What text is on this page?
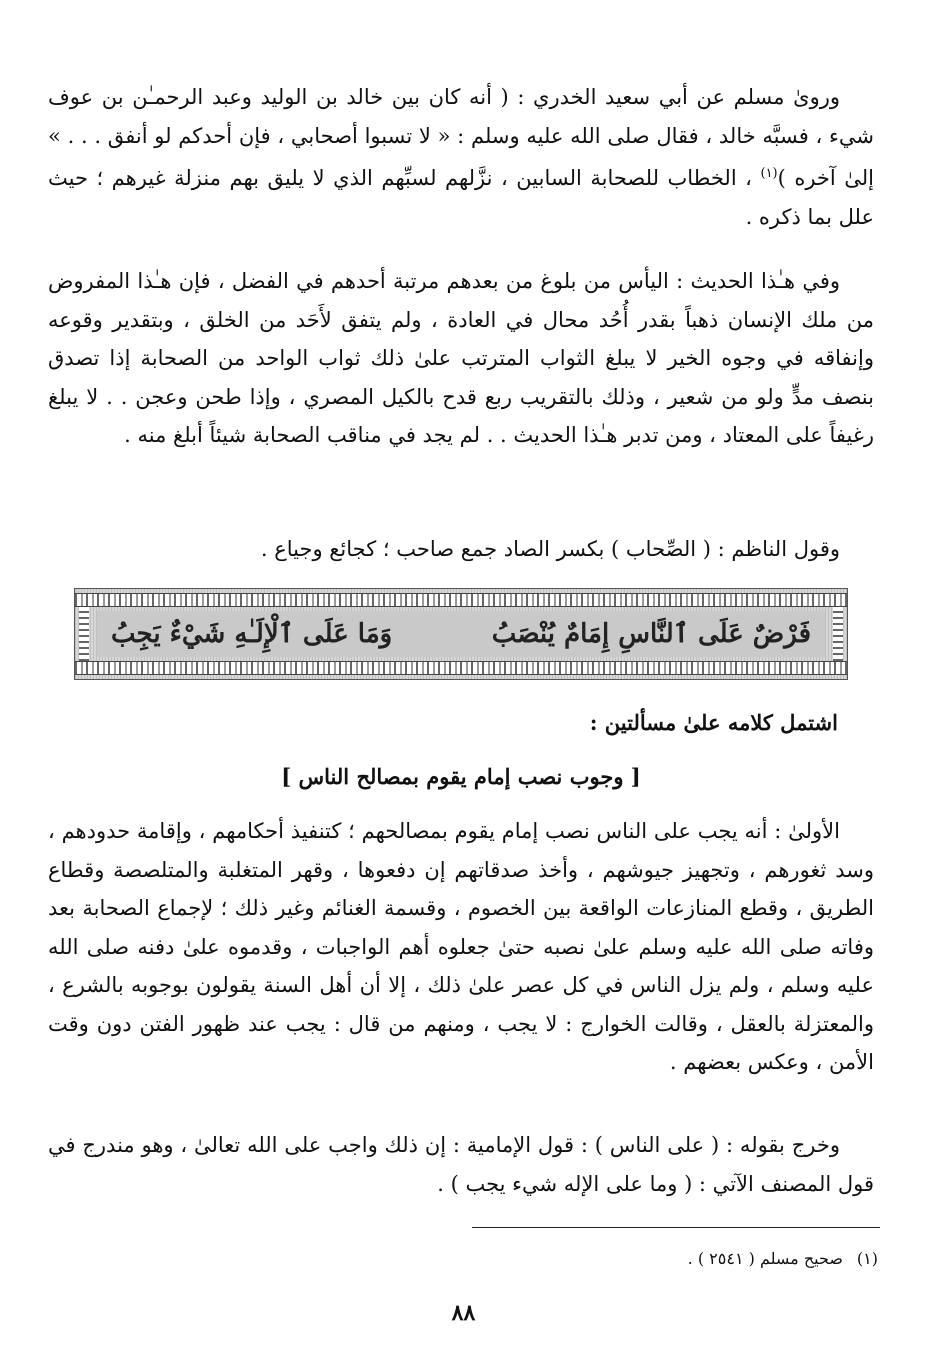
ورویٰ مسلم عن أبي سعيد الخدري : ( أنه كان بين خالد بن الوليد وعبد الرحمـٰن بن عوف شيء ، فسبَّه خالد ، فقال صلى الله عليه وسلم : « لا تسبوا أصحابي ، فإن أحدكم لو أنفق . . . » إلىٰ آخره )$^{(١)}$ ، الخطاب للصحابة السابين ، نزَّلهم لسبِّهم الذي لا يليق بهم منزلة غيرهم ؛ حيث علل بما ذكره .

وفي هـٰذا الحديث : اليأس من بلوغ من بعدهم مرتبة أحدهم في الفضل ، فإن هـٰذا المفروض من ملك الإنسان ذهباً بقدر أُحُد محال في العادة ، ولم يتفق لأَحَد من الخلق ، وبتقدير وقوعه وإنفاقه في وجوه الخير لا يبلغ الثواب المترتب علىٰ ذلك ثواب الواحد من الصحابة إذا تصدق بنصف مدٍّ ولو من شعير ، وذلك بالتقريب ربع قدح بالكيل المصري ، وإذا طحن وعجن . . لا يبلغ رغيفاً على المعتاد ، ومن تدبر هـٰذا الحديث . . لم يجد في مناقب الصحابة شيئاً أبلغ منه .

وقول الناظم : ( الصِّحاب ) بكسر الصاد جمع صاحب ؛ كجائع وجياع .

فَرْضٌ عَلَى ٱلنَّاسِ إِمَامٌ يُنْصَبُ
وَمَا عَلَى ٱلْإِلَـٰهِ شَيْءٌ يَجِبُ

اشتمل كلامه علىٰ مسألتين :

[ وجوب نصب إمام يقوم بمصالح الناس ]

الأولىٰ : أنه يجب على الناس نصب إمام يقوم بمصالحهم ؛ كتنفيذ أحكامهم ، وإقامة حدودهم ، وسد ثغورهم ، وتجهيز جيوشهم ، وأخذ صدقاتهم إن دفعوها ، وقهر المتغلبة والمتلصصة وقطاع الطريق ، وقطع المنازعات الواقعة بين الخصوم ، وقسمة الغنائم وغير ذلك ؛ لإجماع الصحابة بعد وفاته صلى الله عليه وسلم علىٰ نصبه حتىٰ جعلوه أهم الواجبات ، وقدموه علىٰ دفنه صلى الله عليه وسلم ، ولم يزل الناس في كل عصر علىٰ ذلك ، إلا أن أهل السنة يقولون بوجوبه بالشرع ، والمعتزلة بالعقل ، وقالت الخوارج : لا يجب ، ومنهم من قال : يجب عند ظهور الفتن دون وقت الأمن ، وعكس بعضهم .

وخرج بقوله : ( على الناس ) : قول الإمامية : إن ذلك واجب على الله تعالىٰ ، وهو مندرج في قول المصنف الآتي : ( وما على الإله شيء يجب ) .

(١)صحيح مسلم ( ٢٥٤١ ) .

٨٨
